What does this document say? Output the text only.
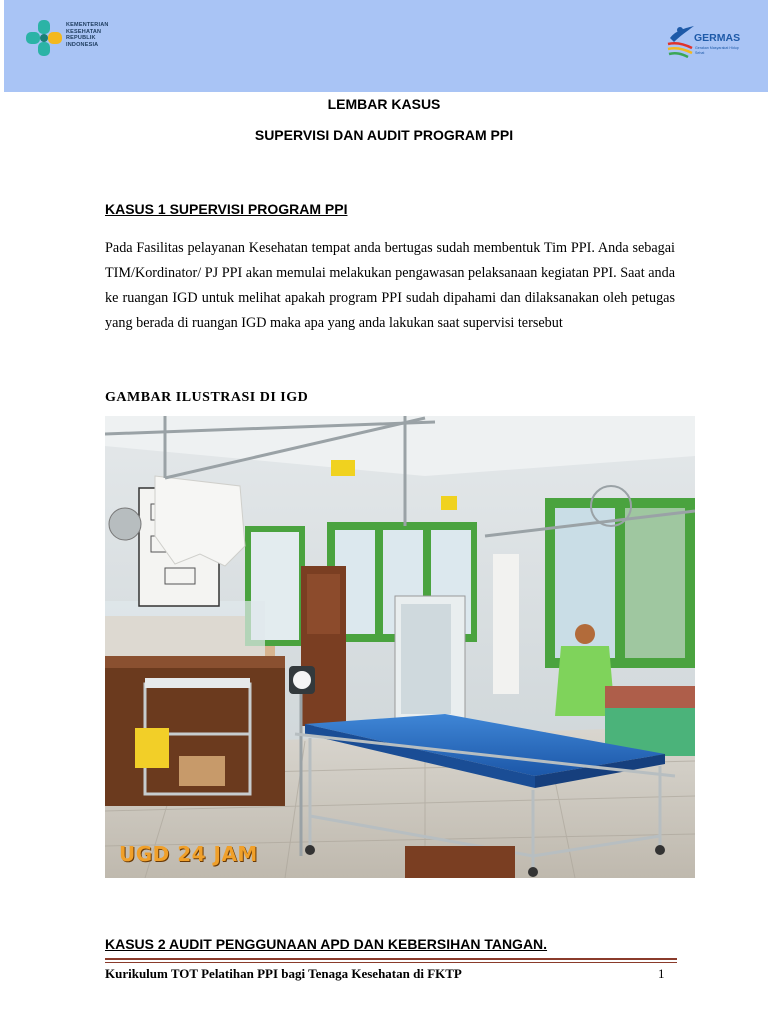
KEMENTERIAN
KESEHATAN
REPUBLIK
INDONESIA
GERMAS
Gerakan Masyarakat Hidup Sehat
LEMBAR KASUS
SUPERVISI DAN AUDIT PROGRAM PPI
KASUS 1 SUPERVISI PROGRAM PPI

Pada Fasilitas pelayanan Kesehatan tempat anda bertugas sudah membentuk Tim PPI. Anda sebagai TIM/Kordinator/ PJ PPI akan memulai melakukan pengawasan pelaksanaan kegiatan PPI. Saat anda ke ruangan IGD untuk melihat apakah program PPI sudah dipahami dan dilaksanakan oleh petugas yang berada di ruangan IGD maka apa yang anda lakukan saat supervisi tersebut

GAMBAR ILUSTRASI DI IGD
UGD 24 JAM
KASUS 2 AUDIT PENGGUNAAN APD DAN KEBERSIHAN TANGAN.
Kurikulum TOT Pelatihan PPI bagi Tenaga Kesehatan di FKTP	1
